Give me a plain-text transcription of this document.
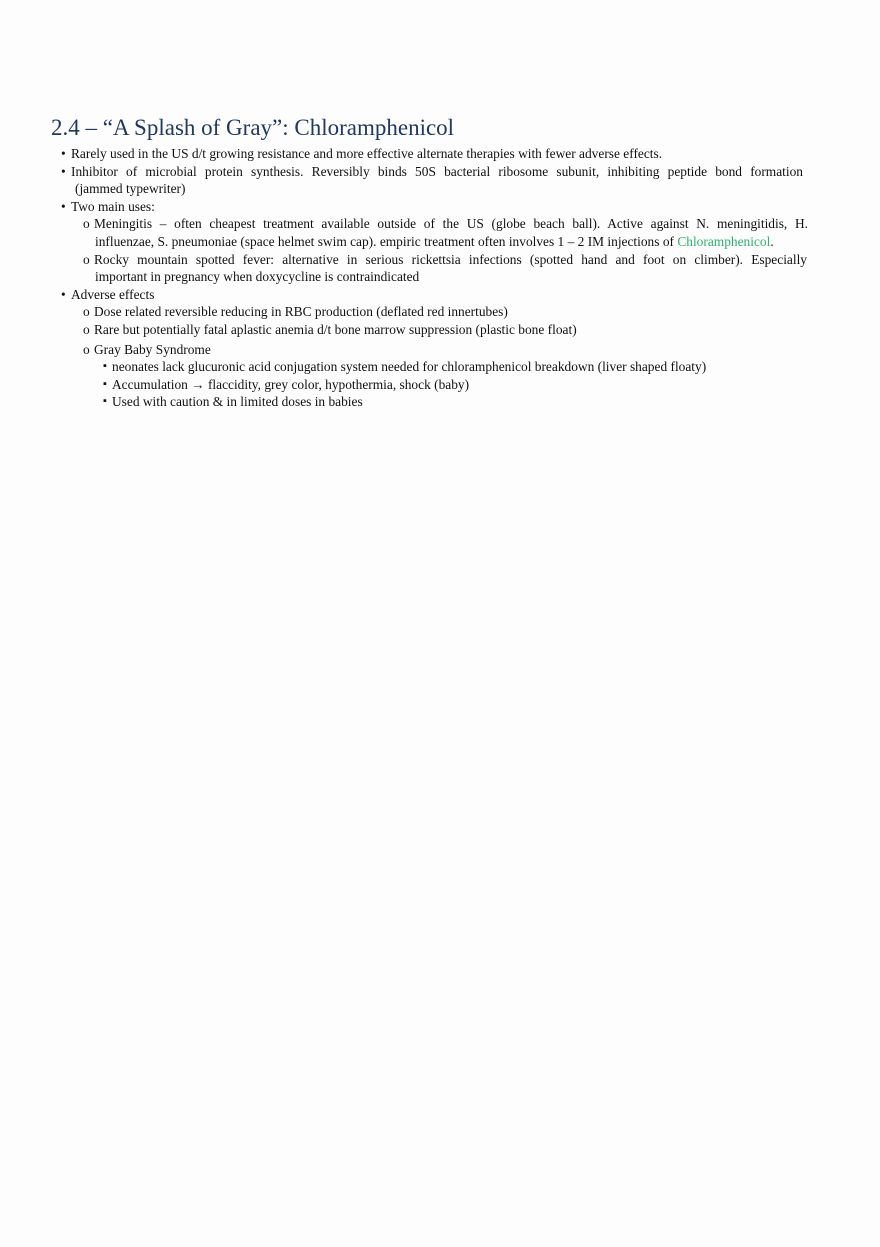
2.4 – “A Splash of Gray”: Chloramphenicol
• Rarely used in the US d/t growing resistance and more effective alternate therapies with fewer adverse effects.
• Inhibitor of microbial protein synthesis. Reversibly binds 50S bacterial ribosome subunit, inhibiting peptide bond formation
(jammed typewriter)
• Two main uses:
o Meningitis – often cheapest treatment available outside of the US (globe beach ball). Active against N. meningitidis, H.
influenzae, S. pneumoniae (space helmet swim cap). empiric treatment often involves 1 – 2 IM injections of Chloramphenicol.
o Rocky mountain spotted fever: alternative in serious rickettsia infections (spotted hand and foot on climber). Especially
important in pregnancy when doxycycline is contraindicated
• Adverse effects
o Dose related reversible reducing in RBC production (deflated red innertubes)
o Rare but potentially fatal aplastic anemia d/t bone marrow suppression (plastic bone float)
o Gray Baby Syndrome
▪ neonates lack glucuronic acid conjugation system needed for chloramphenicol breakdown (liver shaped floaty)
▪ Accumulation → flaccidity, grey color, hypothermia, shock (baby)
▪ Used with caution & in limited doses in babies
